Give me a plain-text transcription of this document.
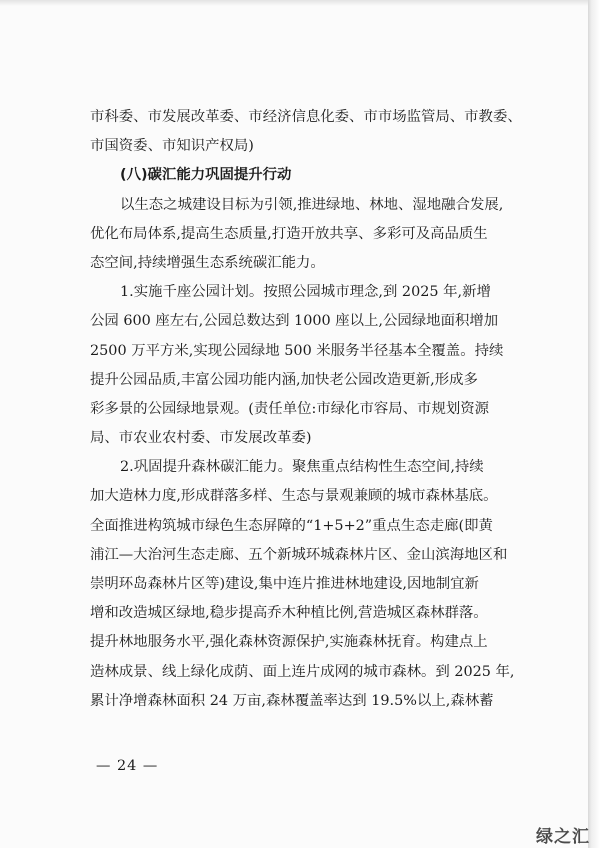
市科委、市发展改革委、市经济信息化委、市市场监管局、市教委、
市国资委、市知识产权局)
(八)碳汇能力巩固提升行动
以生态之城建设目标为引领,推进绿地、林地、湿地融合发展,
优化布局体系,提高生态质量,打造开放共享、多彩可及高品质生
态空间,持续增强生态系统碳汇能力。
1.实施千座公园计划。按照公园城市理念,到 2025 年,新增
公园 600 座左右,公园总数达到 1000 座以上,公园绿地面积增加
2500 万平方米,实现公园绿地 500 米服务半径基本全覆盖。持续
提升公园品质,丰富公园功能内涵,加快老公园改造更新,形成多
彩多景的公园绿地景观。(责任单位:市绿化市容局、市规划资源
局、市农业农村委、市发展改革委)
2.巩固提升森林碳汇能力。聚焦重点结构性生态空间,持续
加大造林力度,形成群落多样、生态与景观兼顾的城市森林基底。
全面推进构筑城市绿色生态屏障的“1+5+2”重点生态走廊(即黄
浦江—大治河生态走廊、五个新城环城森林片区、金山滨海地区和
崇明环岛森林片区等)建设,集中连片推进林地建设,因地制宜新
增和改造城区绿地,稳步提高乔木种植比例,营造城区森林群落。
提升林地服务水平,强化森林资源保护,实施森林抚育。构建点上
造林成景、线上绿化成荫、面上连片成网的城市森林。到 2025 年,
累计净增森林面积 24 万亩,森林覆盖率达到 19.5%以上,森林蓄
— 24 —
绿之汇
